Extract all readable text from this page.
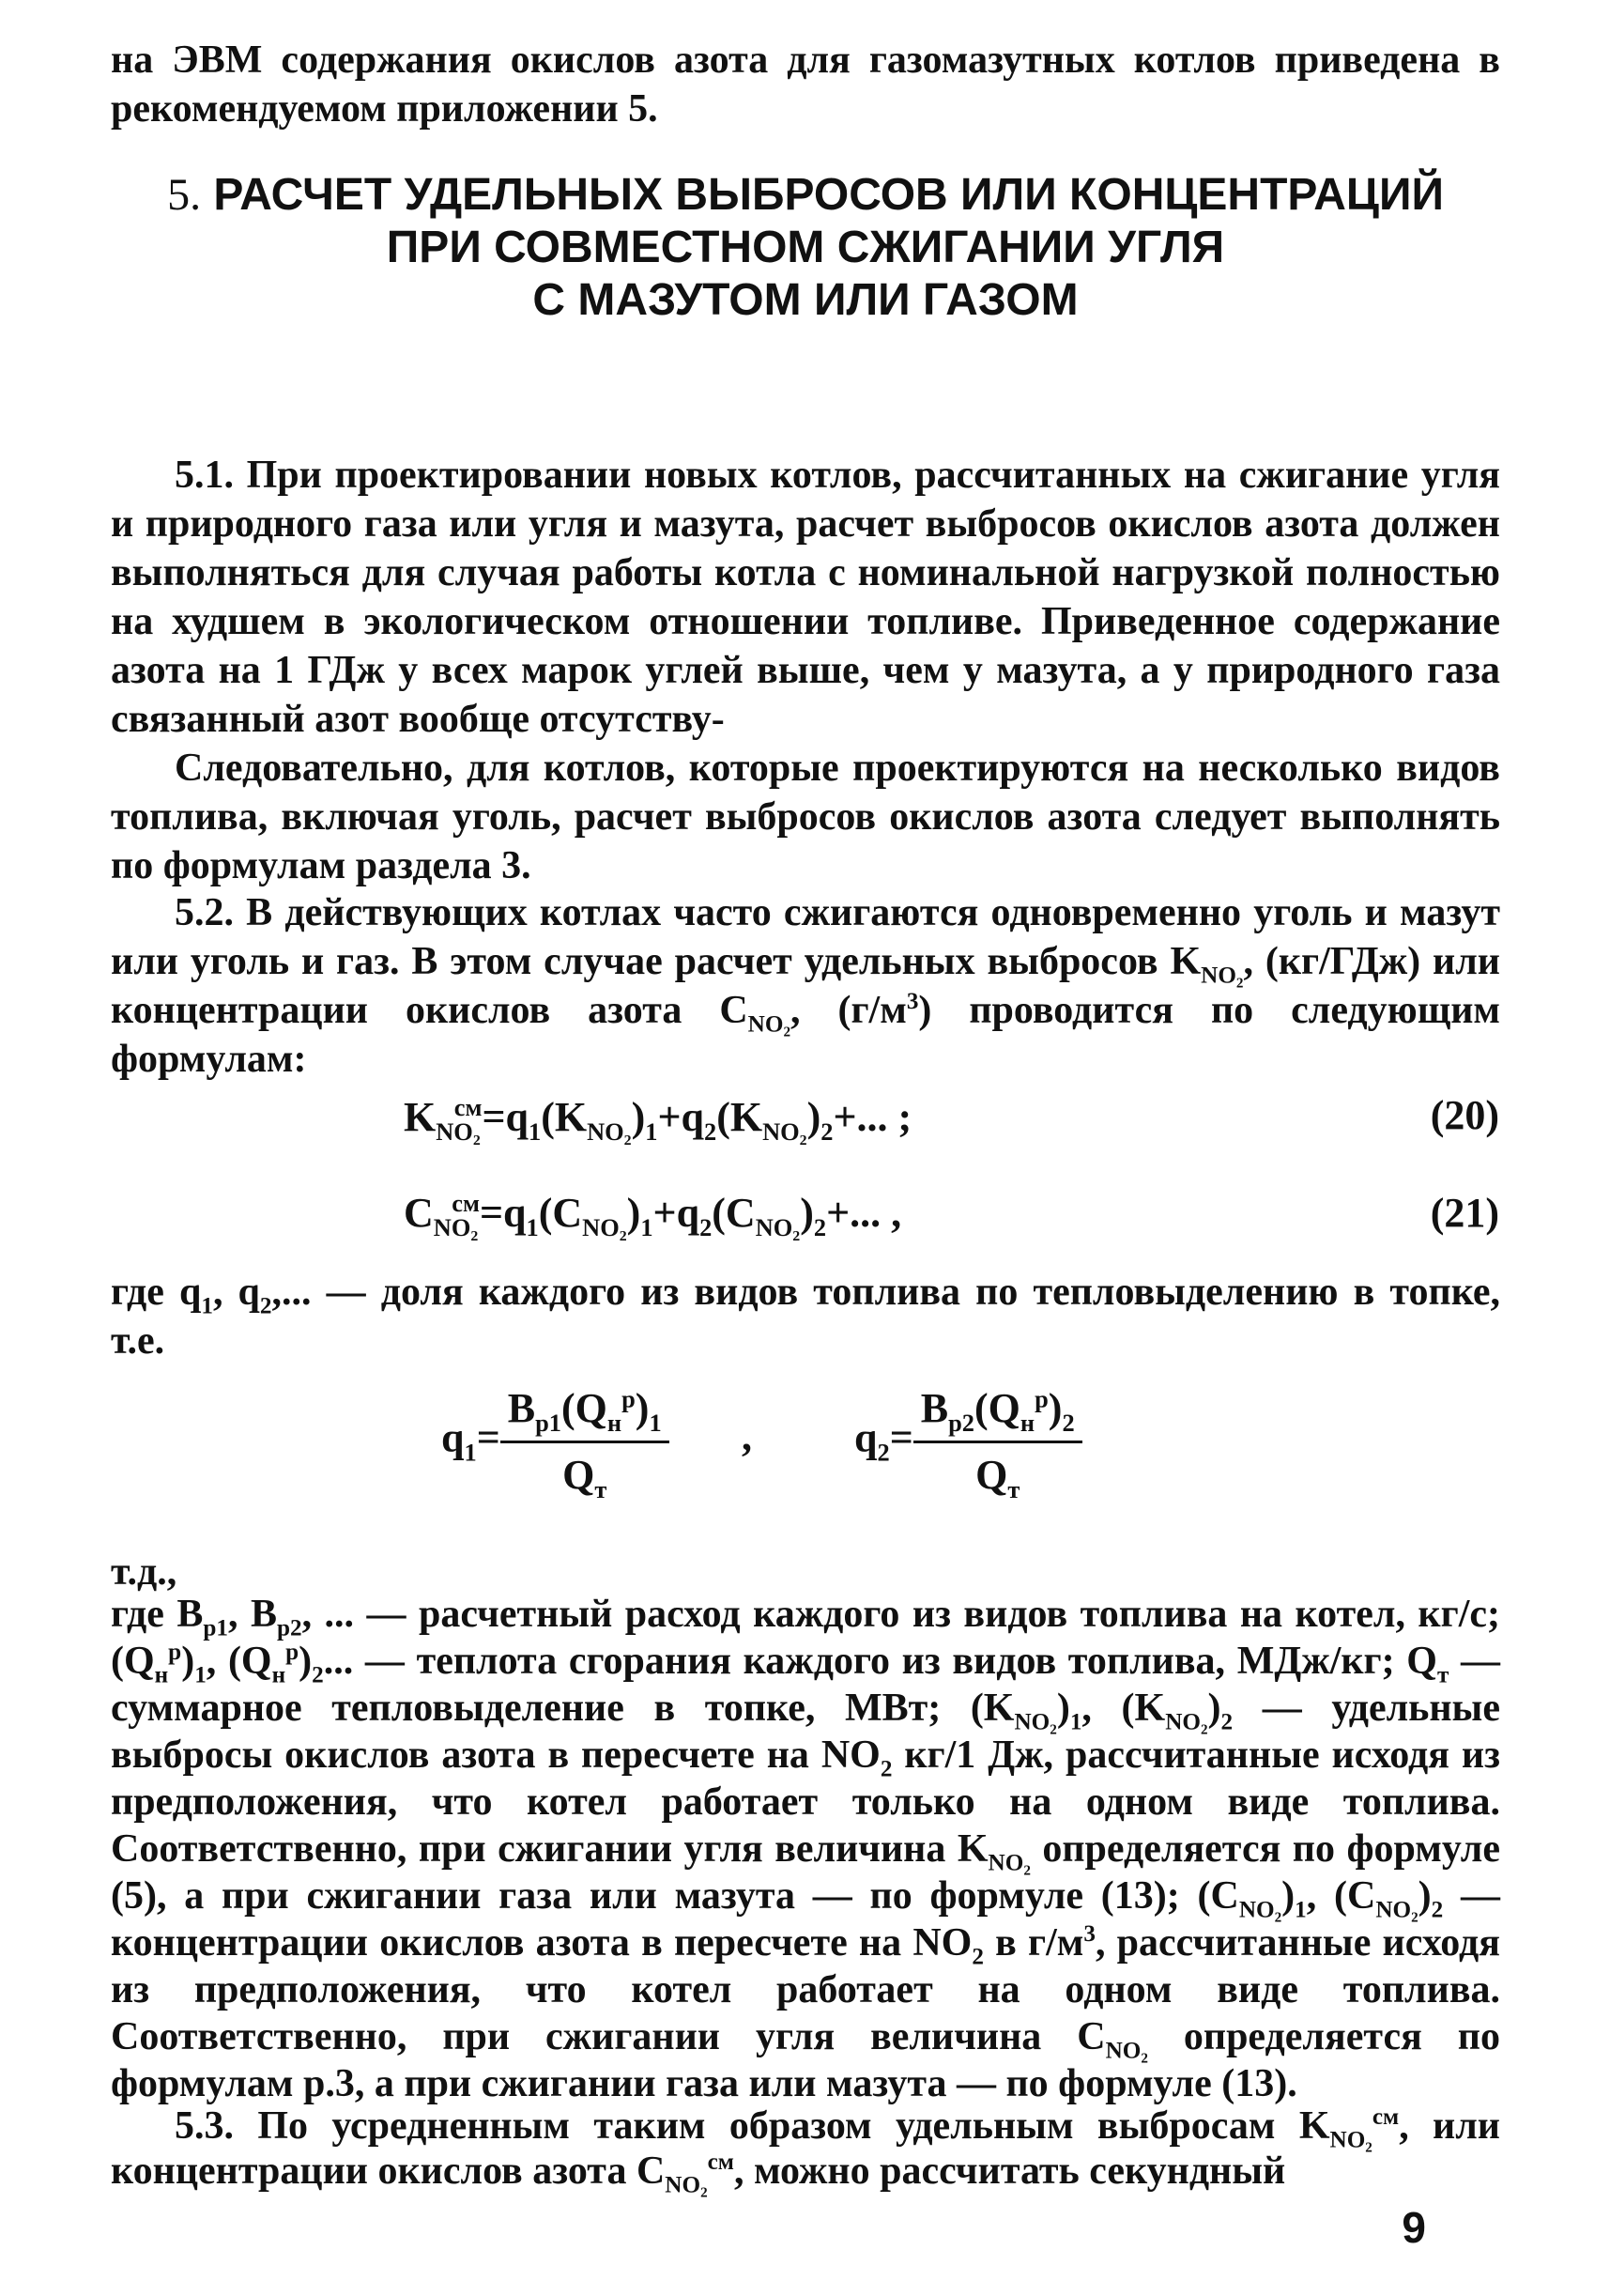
на ЭВМ содержания окислов азота для газомазутных котлов приведена в рекомендуемом приложении 5.

5. РАСЧЕТ УДЕЛЬНЫХ ВЫБРОСОВ ИЛИ КОНЦЕНТРАЦИЙ
ПРИ СОВМЕСТНОМ СЖИГАНИИ УГЛЯ
С МАЗУТОМ ИЛИ ГАЗОМ

5.1. При проектировании новых котлов, рассчитанных на сжигание угля и природного газа или угля и мазута, расчет выбросов окислов азота должен выполняться для случая работы котла с номинальной нагрузкой полностью на худшем в экологическом отношении топливе. Приведенное содержание азота на 1 ГДж у всех марок углей выше, чем у мазута, а у природного газа связанный азот вообще отсутству-

Следовательно, для котлов, которые проектируются на несколько видов топлива, включая уголь, расчет выбросов окислов азота следует выполнять по формулам раздела 3.

5.2. В действующих котлах часто сжигаются одновременно уголь и мазут или уголь и газ. В этом случае расчет удельных выбросов $K_{NO_2}$, (кг/ГДж) или концентрации окислов азота $C_{NO_2}$, $(г/м^3)$ проводится по следующим формулам:

$K_{NO_2}^{см}=q_1(K_{NO_2})_1+q_2(K_{NO_2})_2+$... ;	(20)
$C_{NO_2}^{см}=q_1(C_{NO_2})_1+q_2(C_{NO_2})_2+$... ,	(21)

где $q_1$, $q_2$,... — доля каждого из видов топлива по тепловыделению в топке, т.е.

$q_1= \frac{B_{р1}(Q_н^р)_1}{Q_т}$ , $q_2= \frac{B_{р2}(Q_н^р)_2}{Q_т}$

т.д.,

где $B_{р1}$, $B_{р2}$, ... — расчетный расход каждого из видов топлива на котел, кг/с; $(Q_н^р)_1$, $(Q_н^р)_2$... — теплота сгорания каждого из видов топлива, МДж/кг; $Q_т$ — суммарное тепловыделение в топке, МВт; $(K_{NO_2})_1$, $(K_{NO_2})_2$ — удельные выбросы окислов азота в пересчете на $NO_2$ кг/1 Дж, рассчитанные исходя из предположения, что котел работает только на одном виде топлива. Соответственно, при сжигании угля величина $K_{NO_2}$ определяется по формуле (5), а при сжигании газа или мазута — по формуле (13); $(C_{NO_2})_1$, $(C_{NO_2})_2$ — концентрации окислов азота в пересчете на $NO_2$ в $г/м^3$, рассчитанные исходя из предположения, что котел работает на одном виде топлива. Соответственно, при сжигании угля величина $C_{NO_2}$ определяется по формулам р.3, а при сжигании газа или мазута — по формуле (13).

5.3. По усредненным таким образом удельным выбросам $K_{NO_2}^{см}$, или концентрации окислов азота $C_{NO_2}^{см}$, можно рассчитать секундный

9
